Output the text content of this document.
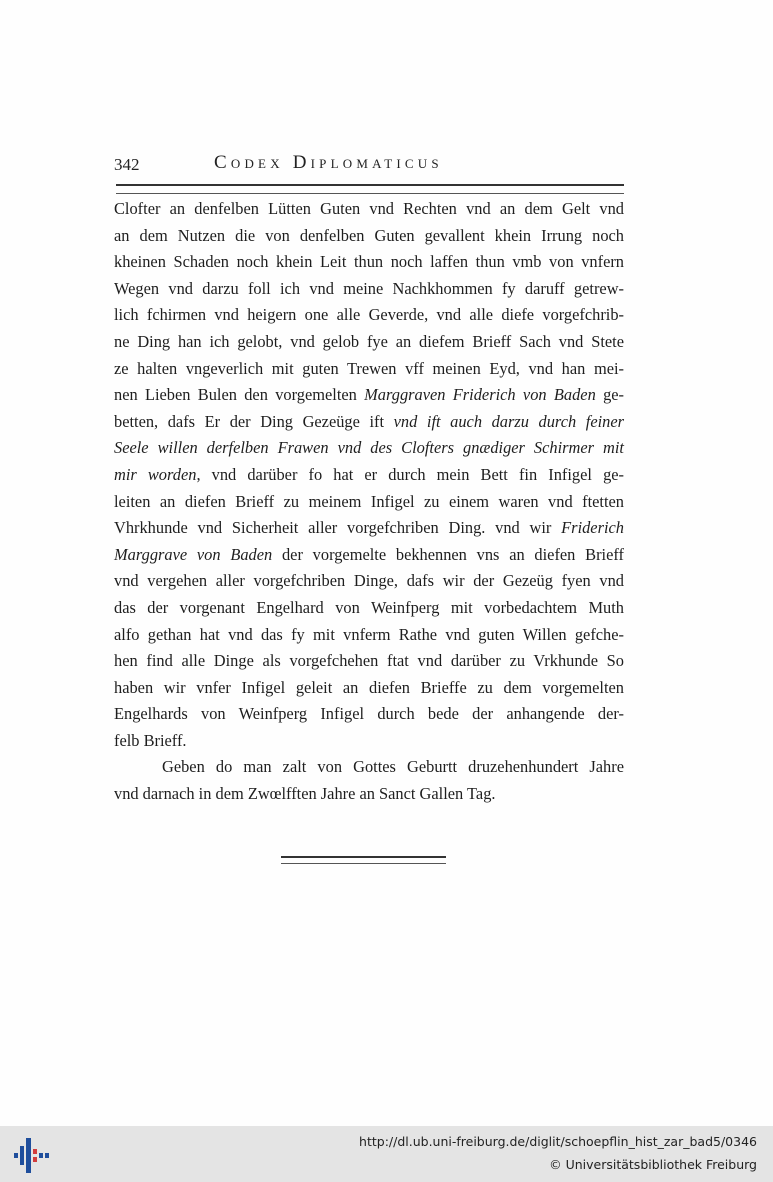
342	Codex Diplomaticus
Clofter an denfelben Lütten Guten vnd Rechten vnd an dem Gelt vnd
an dem Nutzen die von denfelben Guten gevallent khein Irrung noch
kheinen Schaden noch khein Leit thun noch laffen thun vmb von vnfern
Wegen vnd darzu foll ich vnd meine Nachkhommen fy daruff getrew-
lich fchirmen vnd heigern one alle Geverde, vnd alle diefe vorgefchrib-
ne Ding han ich gelobt, vnd gelob fye an diefem Brieff Sach vnd Stete
ze halten vngeverlich mit guten Trewen vff meinen Eyd, vnd han mei-
nen Lieben Bulen den vorgemelten Marggraven Friderich von Baden ge-
betten, dafs Er der Ding Gezeüge ift vnd ift auch darzu durch feiner
Seele willen derfelben Frawen vnd des Clofters gnædiger Schirmer mit
mir worden, vnd darüber fo hat er durch mein Bett fin Infigel ge-
leiten an diefen Brieff zu meinem Infigel zu einem waren vnd ftetten
Vhrkhunde vnd Sicherheit aller vorgefchriben Ding. vnd wir Friderich
Marggrave von Baden der vorgemelte bekhennen vns an diefen Brieff
vnd vergehen aller vorgefchriben Dinge, dafs wir der Gezeüg fyen vnd
das der vorgenant Engelhard von Weinfperg mit vorbedachtem Muth
alfo gethan hat vnd das fy mit vnferm Rathe vnd guten Willen gefche-
hen find alle Dinge als vorgefchehen ftat vnd darüber zu Vrkhunde So
haben wir vnfer Infigel geleit an diefen Brieffe zu dem vorgemelten
Engelhards von Weinfperg Infigel durch bede der anhangende der-
felb Brieff.
Geben do man zalt von Gottes Geburtt druzehenhundert Jahre
vnd darnach in dem Zwœlfften Jahre an Sanct Gallen Tag.
http://dl.ub.uni-freiburg.de/diglit/schoepflin_hist_zar_bad5/0346
© Universitätsbibliothek Freiburg
